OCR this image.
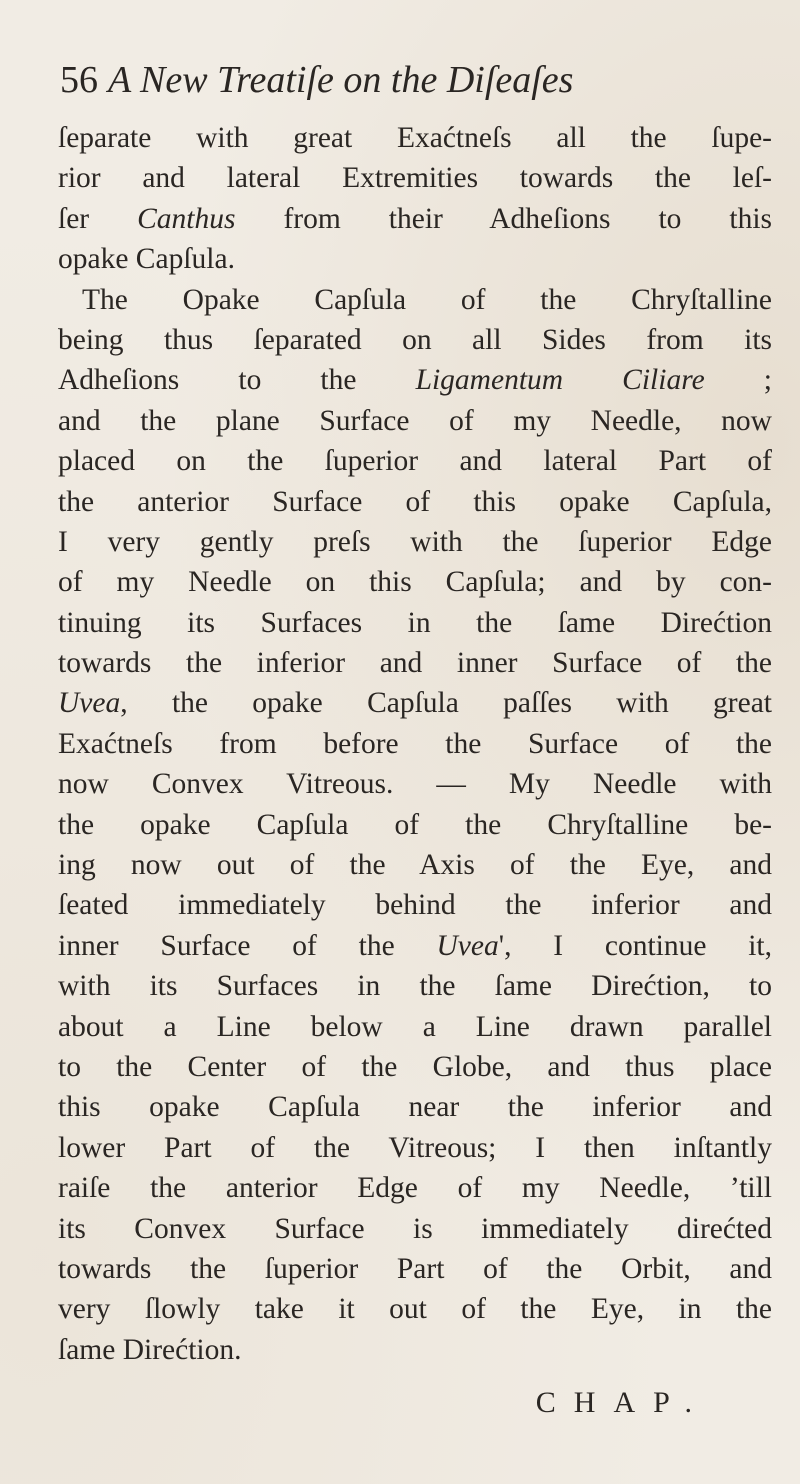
56 A New Treatiſe on the Diſeaſes
ſeparate with great Exaćtneſs all the ſupe-
rior and lateral Extremities towards the leſ-
ſer Canthus from their Adheſions to this
opake Capſula.
The Opake Capſula of the Chryſtalline
being thus ſeparated on all Sides from its
Adheſions to the Ligamentum Ciliare ;
and the plane Surface of my Needle, now
placed on the ſuperior and lateral Part of
the anterior Surface of this opake Capſula,
I very gently preſs with the ſuperior Edge
of my Needle on this Capſula; and by con-
tinuing its Surfaces in the ſame Direćtion
towards the inferior and inner Surface of the
Uvea, the opake Capſula paſſes with great
Exaćtneſs from before the Surface of the
now Convex Vitreous. — My Needle with
the opake Capſula of the Chryſtalline be-
ing now out of the Axis of the Eye, and
ſeated immediately behind the inferior and
inner Surface of the Uvea', I continue it,
with its Surfaces in the ſame Direćtion, to
about a Line below a Line drawn parallel
to the Center of the Globe, and thus place
this opake Capſula near the inferior and
lower Part of the Vitreous; I then inſtantly
raiſe the anterior Edge of my Needle, ’till
its Convex Surface is immediately direćted
towards the ſuperior Part of the Orbit, and
very ſlowly take it out of the Eye, in the
ſame Direćtion.
CHAP.
